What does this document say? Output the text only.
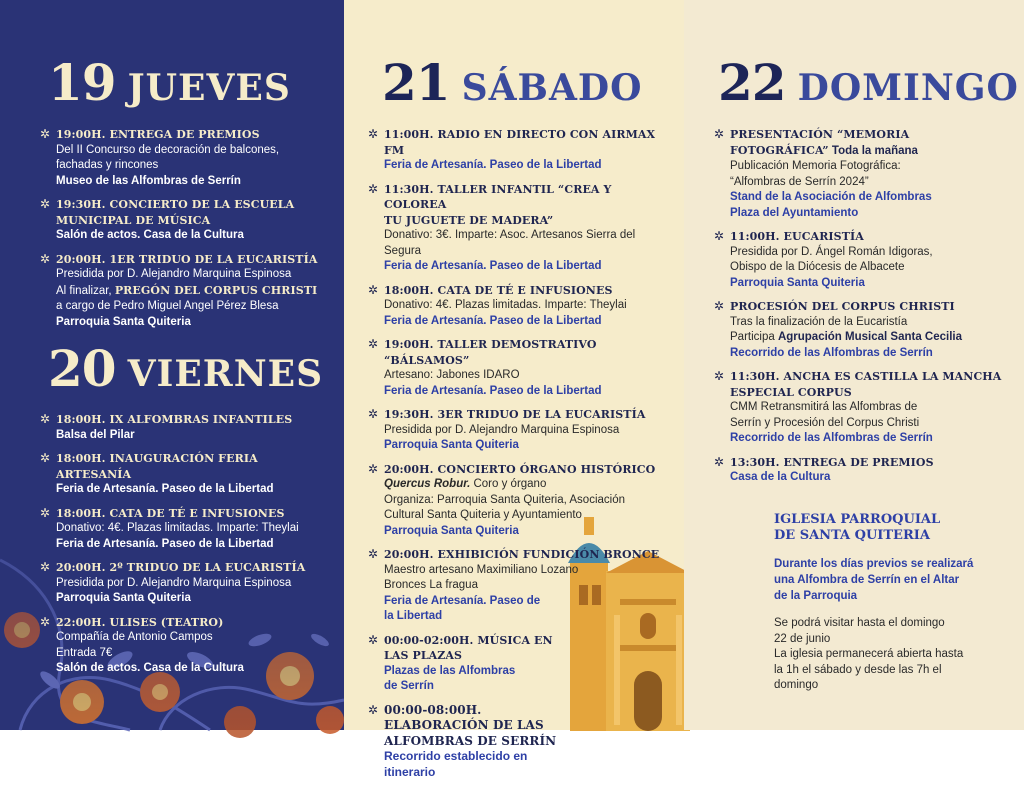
19 JUEVES
✲ 19:00H. ENTREGA DE PREMIOS
Del II Concurso de decoración de balcones,
fachadas y rincones
Museo de las Alfombras de Serrín
✲ 19:30H. CONCIERTO DE LA ESCUELA
MUNICIPAL DE MÚSICA
Salón de actos. Casa de la Cultura
✲ 20:00H. 1ER TRIDUO DE LA EUCARISTÍA
Presidida por D. Alejandro Marquina Espinosa
Al finalizar, PREGÓN DEL CORPUS CHRISTI
a cargo de Pedro Miguel Angel Pérez Blesa
Parroquia Santa Quiteria
20 VIERNES
✲ 18:00H. IX ALFOMBRAS INFANTILES
Balsa del Pilar
✲ 18:00H. INAUGURACIÓN FERIA ARTESANÍA
Feria de Artesanía. Paseo de la Libertad
✲ 18:00H. CATA DE TÉ E INFUSIONES
Donativo: 4€. Plazas limitadas. Imparte: Theylai
Feria de Artesanía. Paseo de la Libertad
✲ 20:00H. 2º TRIDUO DE LA EUCARISTÍA
Presidida por D. Alejandro Marquina Espinosa
Parroquia Santa Quiteria
✲ 22:00H. ULISES (TEATRO)
Compañía de Antonio Campos
Entrada 7€
Salón de actos. Casa de la Cultura
21 SÁBADO
✲ 11:00H. RADIO EN DIRECTO CON AIRMAX FM
Feria de Artesanía. Paseo de la Libertad
✲ 11:30H. TALLER INFANTIL “CREA Y COLOREA
TU JUGUETE DE MADERA”
Donativo: 3€. Imparte: Asoc. Artesanos Sierra del
Segura
Feria de Artesanía. Paseo de la Libertad
✲ 18:00H. CATA DE TÉ E INFUSIONES
Donativo: 4€. Plazas limitadas. Imparte: Theylai
Feria de Artesanía. Paseo de la Libertad
✲ 19:00H. TALLER DEMOSTRATIVO “BÁLSAMOS”
Artesano: Jabones IDARO
Feria de Artesanía. Paseo de la Libertad
✲ 19:30H. 3ER TRIDUO DE LA EUCARISTÍA
Presidida por D. Alejandro Marquina Espinosa
Parroquia Santa Quiteria
✲ 20:00H. CONCIERTO ÓRGANO HISTÓRICO
Quercus Robur. Coro y órgano
Organiza: Parroquia Santa Quiteria, Asociación
Cultural Santa Quiteria y Ayuntamiento
Parroquia Santa Quiteria
✲ 20:00H. EXHIBICIÓN FUNDICIÓN BRONCE
Maestro artesano Maximiliano Lozano
Bronces La fragua
Feria de Artesanía. Paseo de
la Libertad
✲ 00:00-02:00H. MÚSICA EN
LAS PLAZAS
Plazas de las Alfombras
de Serrín
✲ 00:00-08:00H.
ELABORACIÓN DE LAS
ALFOMBRAS DE SERRÍN
Recorrido establecido en
itinerario
22 DOMINGO
✲ PRESENTACIÓN “MEMORIA
FOTOGRÁFICA” Toda la mañana
Publicación Memoria Fotográfica:
“Alfombras de Serrín 2024”
Stand de la Asociación de Alfombras
Plaza del Ayuntamiento
✲ 11:00H. EUCARISTÍA
Presidida por D. Ángel Román Idigoras,
Obispo de la Diócesis de Albacete
Parroquia Santa Quiteria
✲ PROCESIÓN DEL CORPUS CHRISTI
Tras la finalización de la Eucaristía
Participa Agrupación Musical Santa Cecilia
Recorrido de las Alfombras de Serrín
✲ 11:30H. ANCHA ES CASTILLA LA MANCHA
ESPECIAL CORPUS
CMM Retransmitirá las Alfombras de
Serrín y Procesión del Corpus Christi
Recorrido de las Alfombras de Serrín
✲ 13:30H. ENTREGA DE PREMIOS
Casa de la Cultura
IGLESIA PARROQUIAL
DE SANTA QUITERIA
Durante los días previos se realizará
una Alfombra de Serrín en el Altar
de la Parroquia
Se podrá visitar hasta el domingo
22 de junio
La iglesia permanecerá abierta hasta
la 1h el sábado y desde las 7h el
domingo
